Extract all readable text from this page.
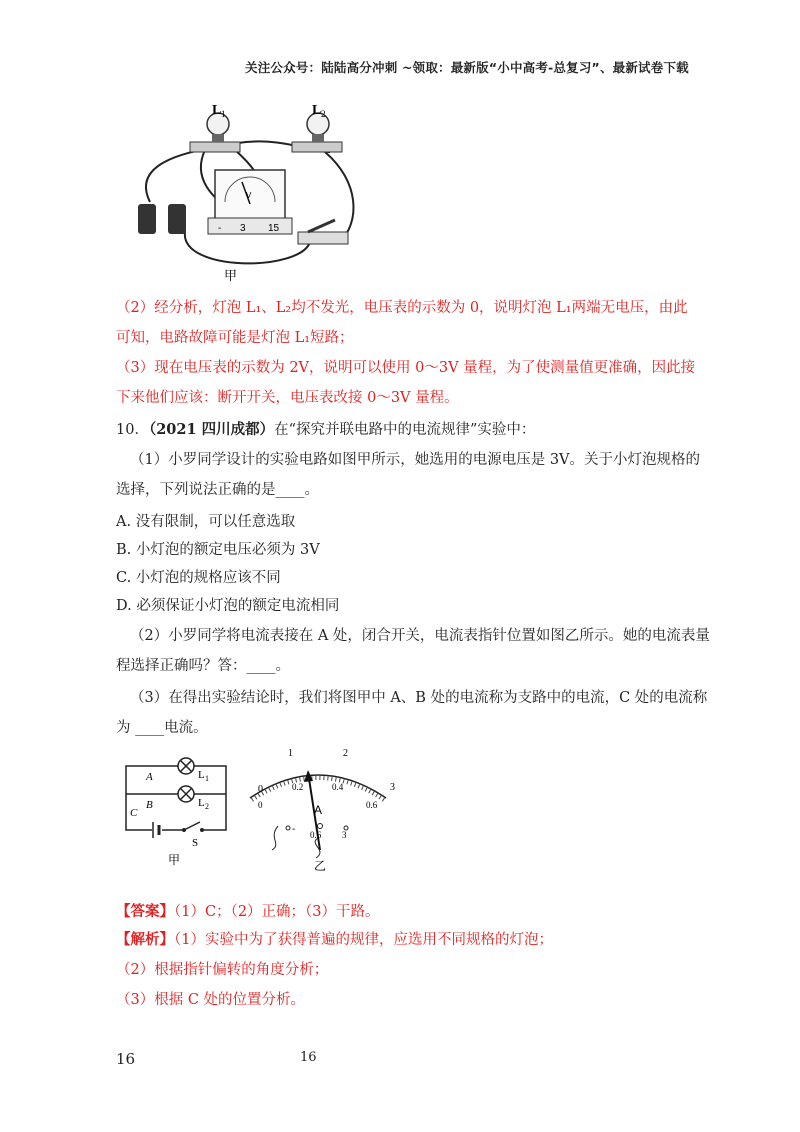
关注公众号：陆陆高分冲刺 ~领取：最新版“小中高考-总复习”、最新试卷下载
L 1	L 2
V
- 3 15
甲
（2）经分析，灯泡 L₁、L₂均不发光，电压表的示数为 0，说明灯泡 L₁两端无电压，由此
可知，电路故障可能是灯泡 L₁短路；
（3）现在电压表的示数为 2V，说明可以使用 0～3V 量程，为了使测量值更准确，因此接
下来他们应该：断开开关，电压表改接 0～3V 量程。
10．（2021 四川成都）在“探究并联电路中的电流规律”实验中：
（1）小罗同学设计的实验电路如图甲所示，她选用的电源电压是 3V。关于小灯泡规格的
选择，下列说法正确的是____。
A. 没有限制，可以任意选取
B. 小灯泡的额定电压必须为 3V
C. 小灯泡的规格应该不同
D. 必须保证小灯泡的额定电流相同
（2）小罗同学将电流表接在 A 处，闭合开关，电流表指针位置如图乙所示。她的电流表量
程选择正确吗？答：____。
（3）在得出实验结论时，我们将图甲中 A、B 处的电流称为支路中的电流，C 处的电流称
为 ____电流。
A
B
C
L 1
L 2
S
甲
0
1	2
3
0
0.2	0.4
0.6
A
- 0.6 3
乙
【答案】（1）C；（2）正确；（3）干路。
【解析】（1）实验中为了获得普遍的规律，应选用不同规格的灯泡；
（2）根据指针偏转的角度分析；
（3）根据 C 处的位置分析。
16	16
